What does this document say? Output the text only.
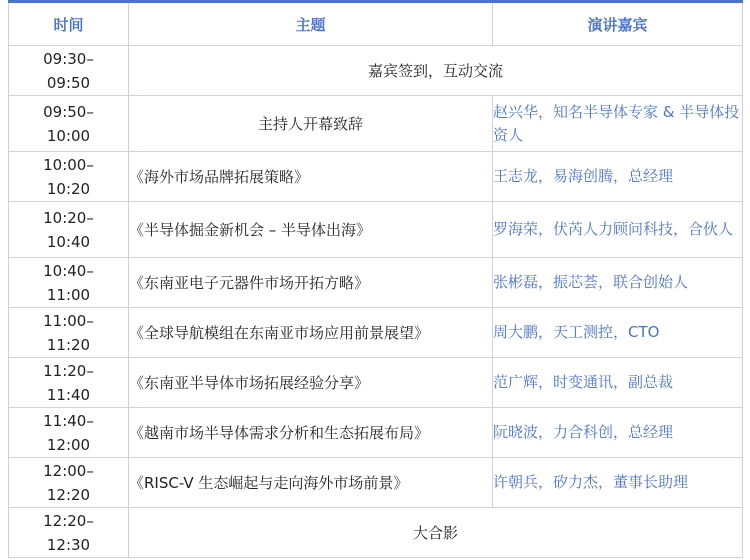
时间	主题	演讲嘉宾

09:30–
09:50	嘉宾签到，互动交流	

09:50–
10:00	主持人开幕致辞	赵兴华，知名半导体专家 & 半导体投资人

10:00–
10:20	《海外市场品牌拓展策略》	王志龙，易海创腾，总经理

10:20–
10:40	《半导体掘金新机会 – 半导体出海》	罗海荣，伏芮人力顾问科技，合伙人

10:40–
11:00	《东南亚电子元器件市场开拓方略》	张彬磊，振芯荟，联合创始人

11:00–
11:20	《全球导航模组在东南亚市场应用前景展望》	周大鹏，天工测控，CTO

11:20–
11:40	《东南亚半导体市场拓展经验分享》	范广辉，时变通讯，副总裁

11:40–
12:00	《越南市场半导体需求分析和生态拓展布局》	阮晓波，力合科创，总经理

12:00–
12:20	《RISC-V 生态崛起与走向海外市场前景》	许朝兵，矽力杰，董事长助理

12:20–
12:30	大合影	
